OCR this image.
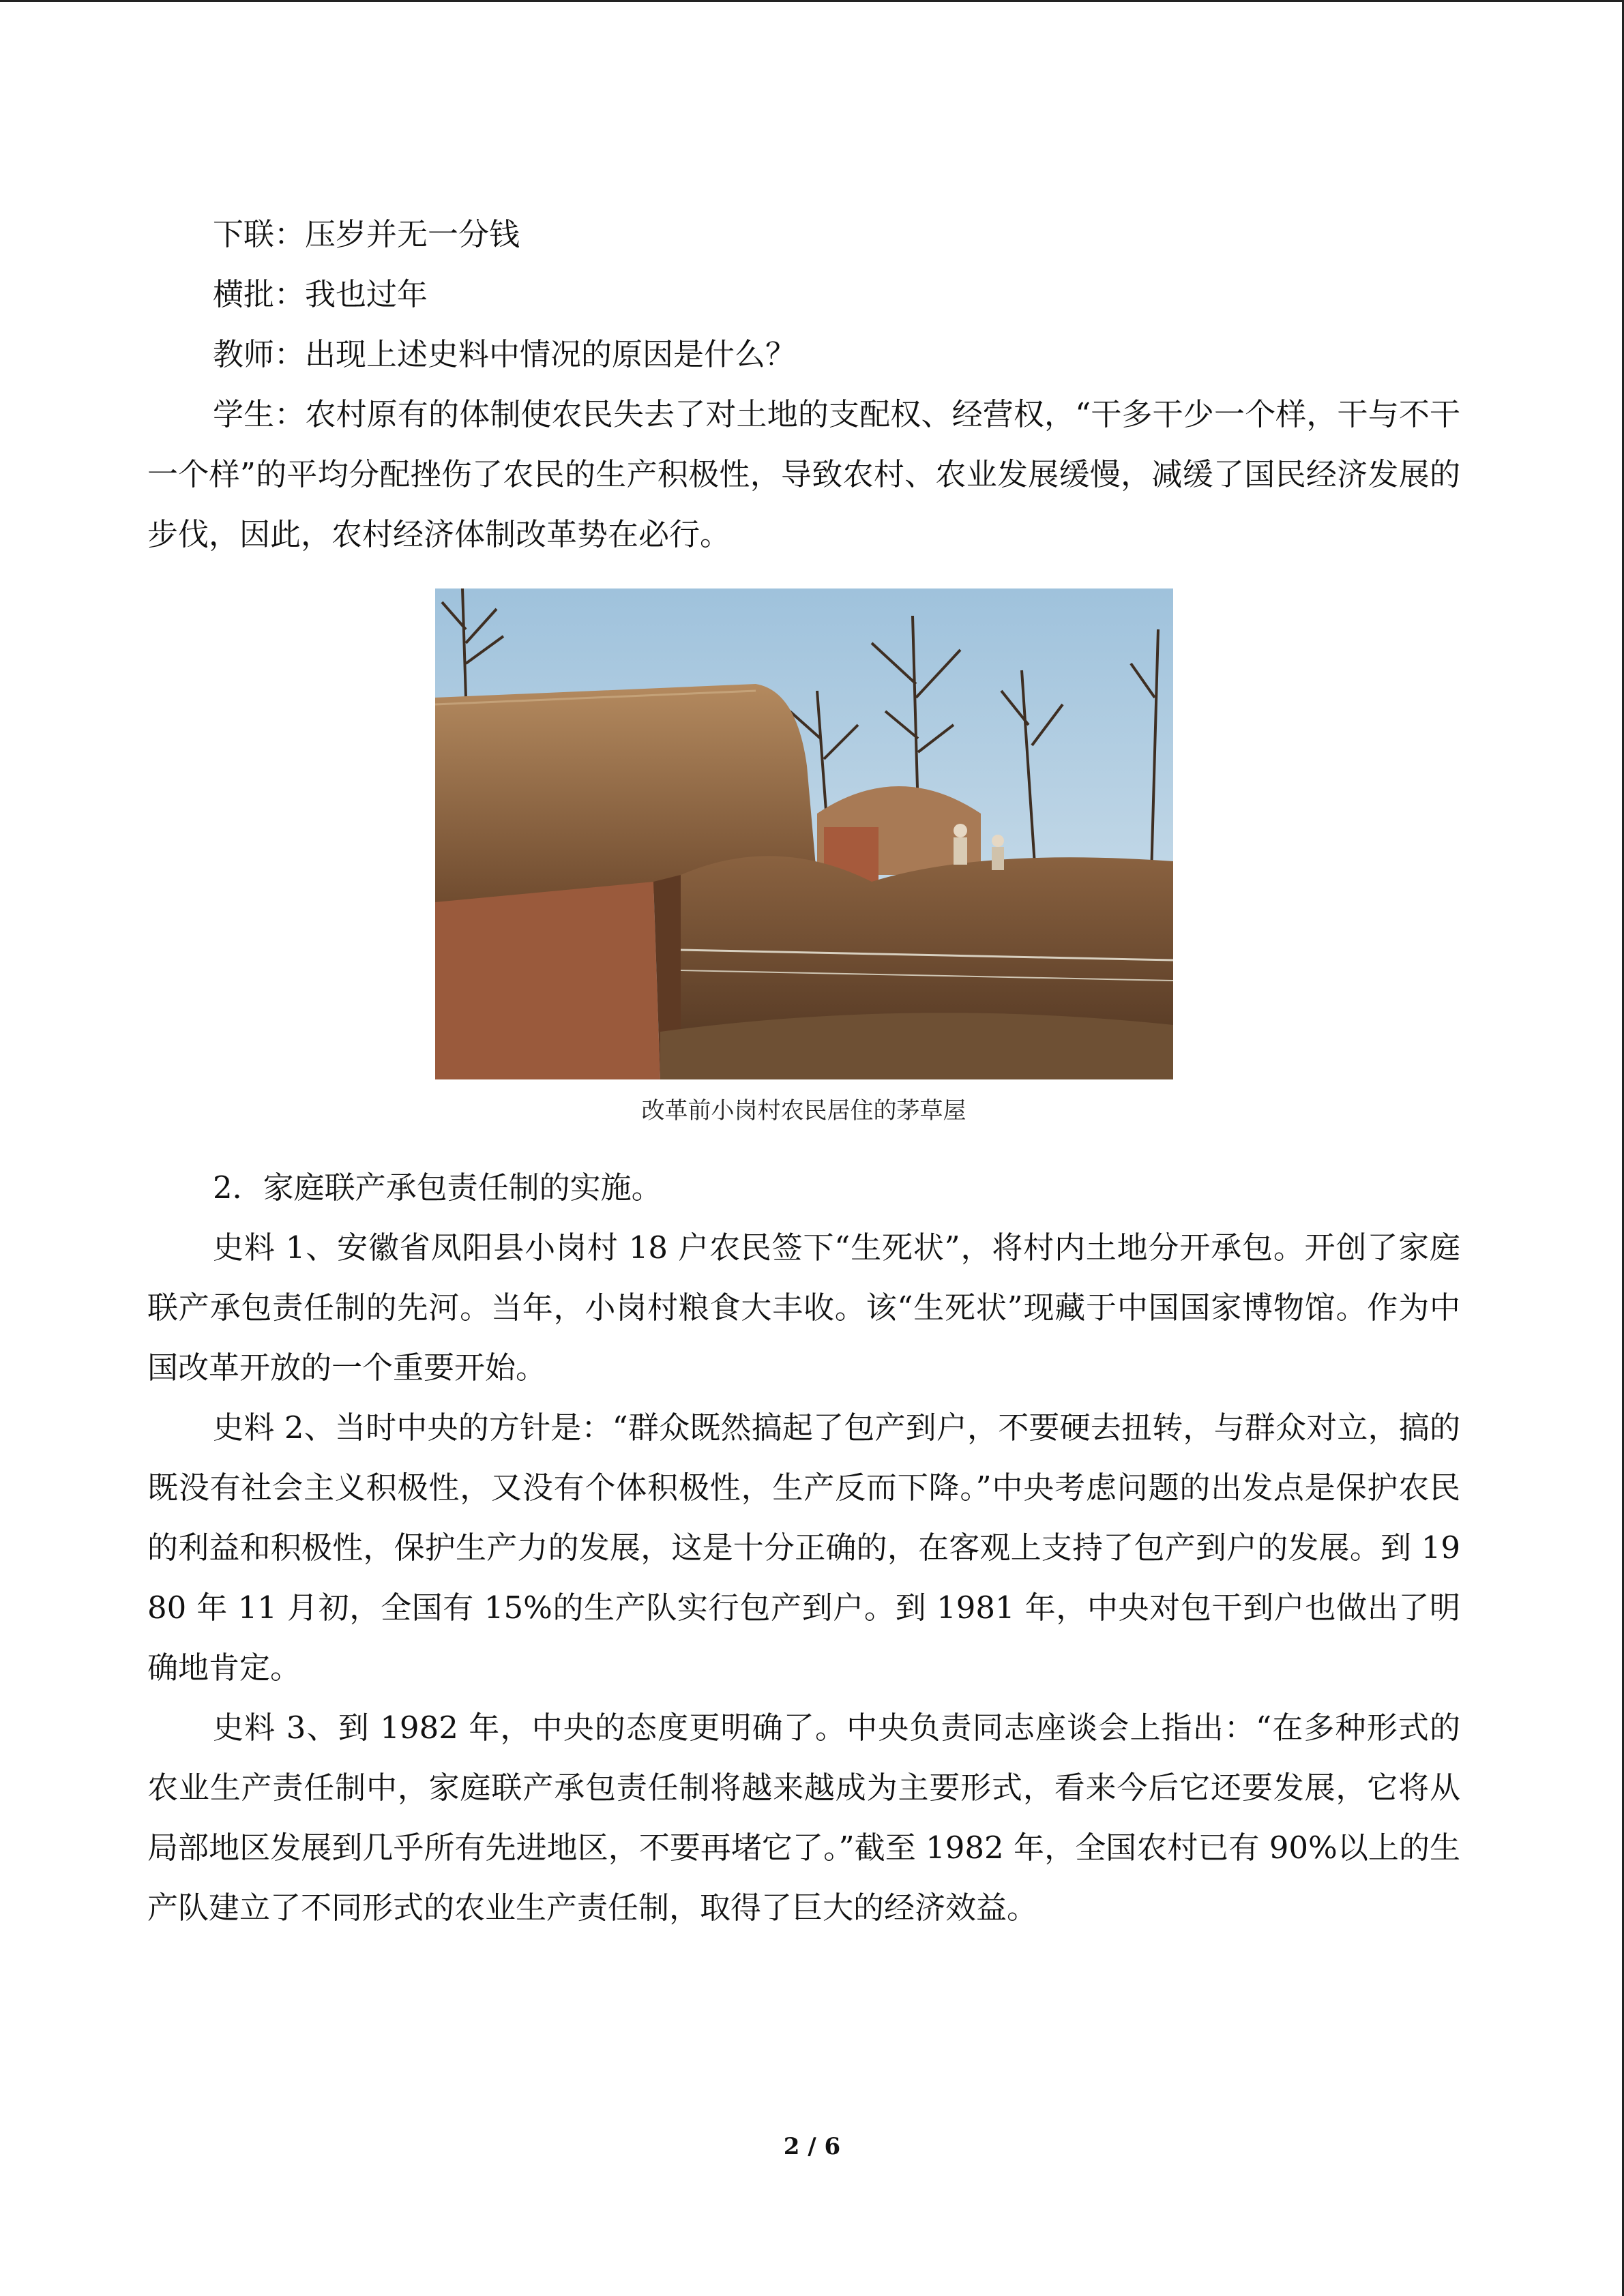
下联：压岁并无一分钱

横批：我也过年

教师：出现上述史料中情况的原因是什么？

学生：农村原有的体制使农民失去了对土地的支配权、经营权，“干多干少一个样，干与不干一个样”的平均分配挫伤了农民的生产积极性，导致农村、农业发展缓慢，减缓了国民经济发展的步伐，因此，农村经济体制改革势在必行。

改革前小岗村农民居住的茅草屋

2．家庭联产承包责任制的实施。

史料 1、安徽省凤阳县小岗村 18 户农民签下“生死状”，将村内土地分开承包。开创了家庭联产承包责任制的先河。当年，小岗村粮食大丰收。该“生死状”现藏于中国国家博物馆。作为中国改革开放的一个重要开始。

史料 2、当时中央的方针是：“群众既然搞起了包产到户，不要硬去扭转，与群众对立，搞的既没有社会主义积极性，又没有个体积极性，生产反而下降。”中央考虑问题的出发点是保护农民的利益和积极性，保护生产力的发展，这是十分正确的，在客观上支持了包产到户的发展。到 1980 年 11 月初，全国有 15%的生产队实行包产到户。到 1981 年，中央对包干到户也做出了明确地肯定。

史料 3、到 1982 年，中央的态度更明确了。中央负责同志座谈会上指出：“在多种形式的农业生产责任制中，家庭联产承包责任制将越来越成为主要形式，看来今后它还要发展，它将从局部地区发展到几乎所有先进地区，不要再堵它了。”截至 1982 年，全国农村已有 90%以上的生产队建立了不同形式的农业生产责任制，取得了巨大的经济效益。

2 / 6
